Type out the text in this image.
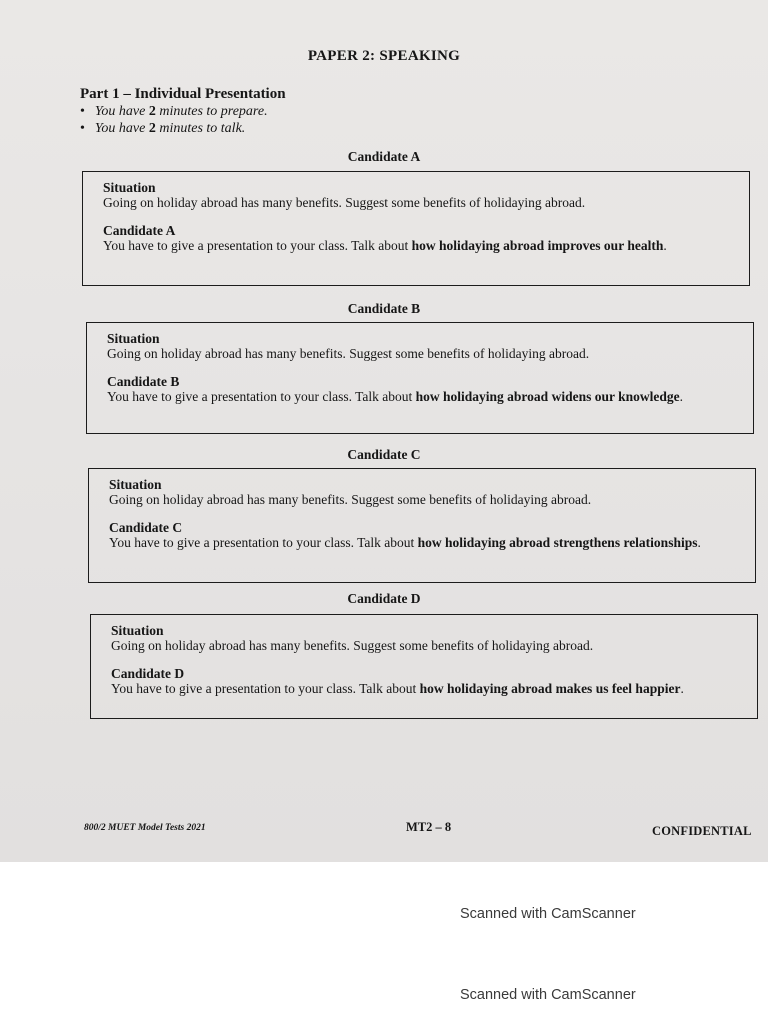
PAPER 2: SPEAKING
Part 1 – Individual Presentation
• You have 2 minutes to prepare.
• You have 2 minutes to talk.
Candidate A
Situation
Going on holiday abroad has many benefits. Suggest some benefits of holidaying abroad.
Candidate A
You have to give a presentation to your class. Talk about how holidaying abroad improves our health.
Candidate B
Situation
Going on holiday abroad has many benefits. Suggest some benefits of holidaying abroad.
Candidate B
You have to give a presentation to your class. Talk about how holidaying abroad widens our knowledge.
Candidate C
Situation
Going on holiday abroad has many benefits. Suggest some benefits of holidaying abroad.
Candidate C
You have to give a presentation to your class. Talk about how holidaying abroad strengthens relationships.
Candidate D
Situation
Going on holiday abroad has many benefits. Suggest some benefits of holidaying abroad.
Candidate D
You have to give a presentation to your class. Talk about how holidaying abroad makes us feel happier.
800/2 MUET Model Tests 2021	MT2 – 8	CONFIDENTIAL
Scanned with CamScanner
Scanned with CamScanner
